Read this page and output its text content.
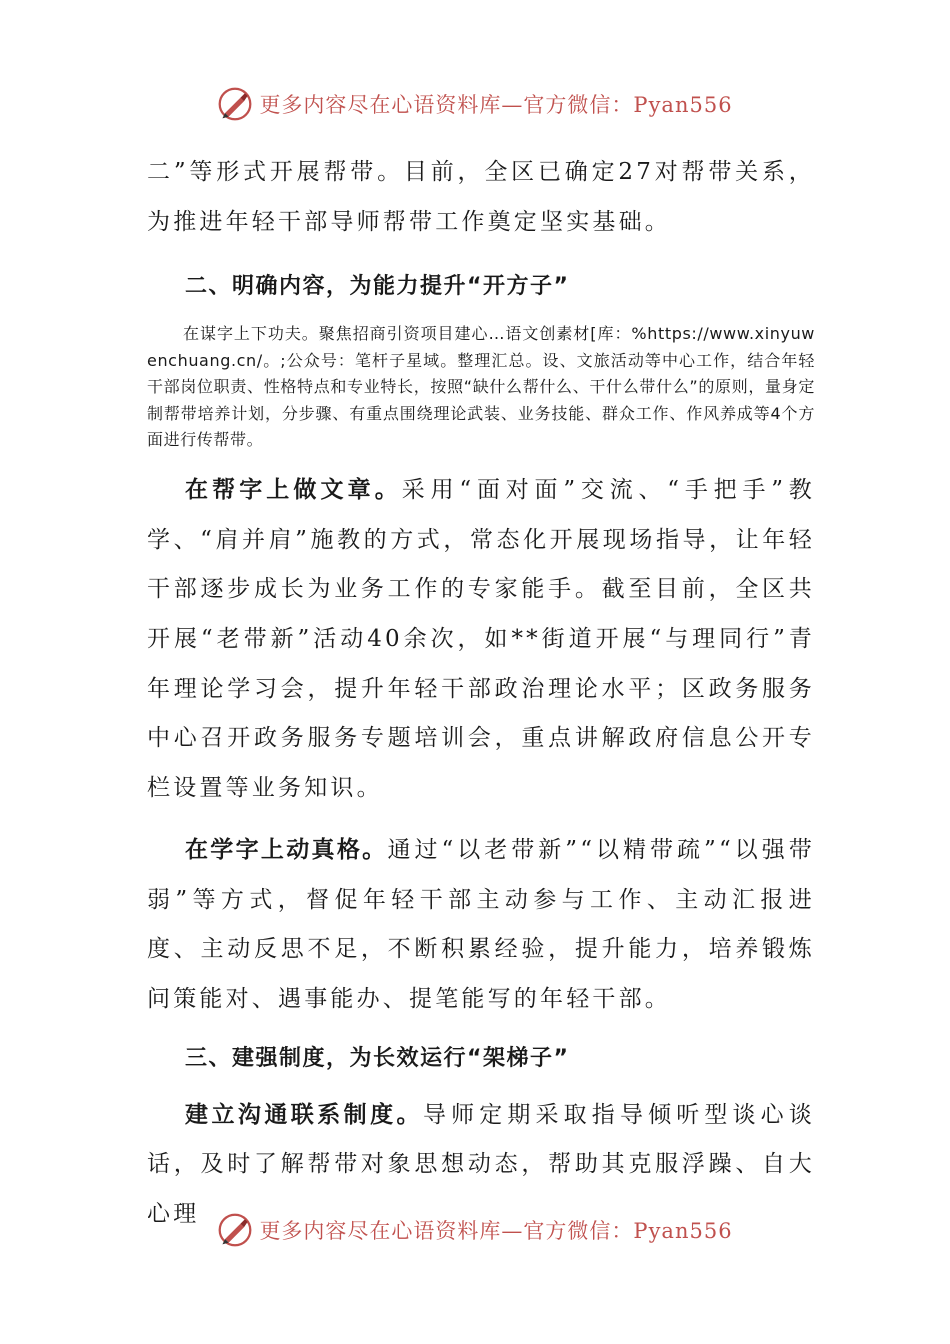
更多内容尽在心语资料库—官方微信：Pyan556

二”等形式开展帮带。目前，全区已确定27对帮带关系，为推进年轻干部导师帮带工作奠定坚实基础。

二、明确内容，为能力提升“开方子”

在谋字上下功夫。聚焦招商引资项目建心…语文创素材[库：%https://www.xinyuwenchuang.cn/。;公众号：笔杆子星域。整理汇总。设、文旅活动等中心工作，结合年轻干部岗位职责、性格特点和专业特长，按照“缺什么帮什么、干什么带什么”的原则，量身定制帮带培养计划，分步骤、有重点围绕理论武装、业务技能、群众工作、作风养成等4个方面进行传帮带。

在帮字上做文章。采用“面对面”交流、“手把手”教学、“肩并肩”施教的方式，常态化开展现场指导，让年轻干部逐步成长为业务工作的专家能手。截至目前，全区共开展“老带新”活动40余次，如**街道开展“与理同行”青年理论学习会，提升年轻干部政治理论水平；区政务服务中心召开政务服务专题培训会，重点讲解政府信息公开专栏设置等业务知识。

在学字上动真格。通过“以老带新”“以精带疏”“以强带弱”等方式，督促年轻干部主动参与工作、主动汇报进度、主动反思不足，不断积累经验，提升能力，培养锻炼问策能对、遇事能办、提笔能写的年轻干部。

三、建强制度，为长效运行“架梯子”

建立沟通联系制度。导师定期采取指导倾听型谈心谈话，及时了解帮带对象思想动态，帮助其克服浮躁、自大心理

更多内容尽在心语资料库—官方微信：Pyan556
